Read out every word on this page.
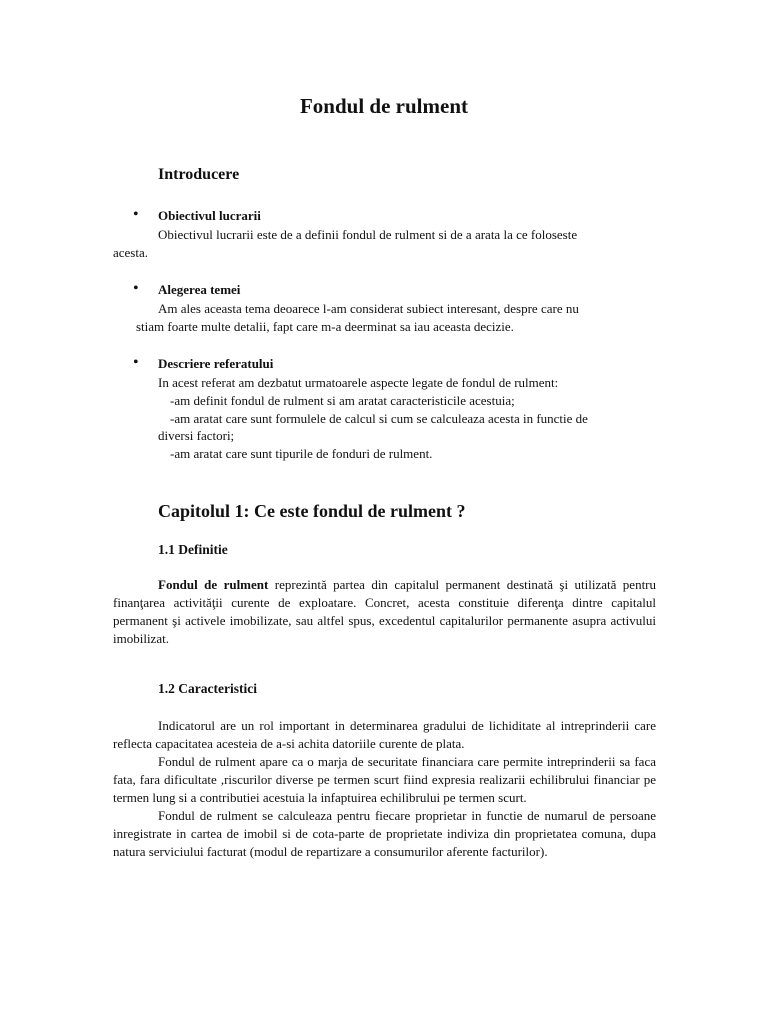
Fondul de rulment
Introducere
• Obiectivul lucrarii
Obiectivul lucrarii este de a definii fondul de rulment si de a arata la ce foloseste
acesta.
• Alegerea temei
Am ales aceasta tema deoarece l-am considerat subiect interesant, despre care nu
stiam foarte multe detalii, fapt care m-a deerminat sa iau aceasta decizie.
• Descriere referatului
In acest referat am dezbatut urmatoarele aspecte legate de fondul de rulment:
-am definit fondul de rulment si am aratat caracteristicile acestuia;
-am aratat care sunt formulele de calcul si cum se calculeaza acesta in functie de
diversi factori;
-am aratat care sunt tipurile de fonduri de rulment.
Capitolul 1: Ce este fondul de rulment ?
1.1 Definitie

Fondul de rulment reprezintă partea din capitalul permanent destinată şi utilizată pentru finanţarea activităţii curente de exploatare. Concret, acesta constituie diferenţa dintre capitalul permanent şi activele imobilizate, sau altfel spus, excedentul capitalurilor permanente asupra activului imobilizat.

1.2 Caracteristici

Indicatorul are un rol important in determinarea gradului de lichiditate al intreprinderii care reflecta capacitatea acesteia de a-si achita datoriile curente de plata.

Fondul de rulment apare ca o marja de securitate financiara care permite intreprinderii sa faca fata, fara dificultate ,riscurilor diverse pe termen scurt fiind expresia realizarii echilibrului financiar pe termen lung si a contributiei acestuia la infaptuirea echilibrului pe termen scurt.

Fondul de rulment se calculeaza pentru fiecare proprietar in functie de numarul de persoane inregistrate in cartea de imobil si de cota-parte de proprietate indiviza din proprietatea comuna, dupa natura serviciului facturat (modul de repartizare a consumurilor aferente facturilor).
